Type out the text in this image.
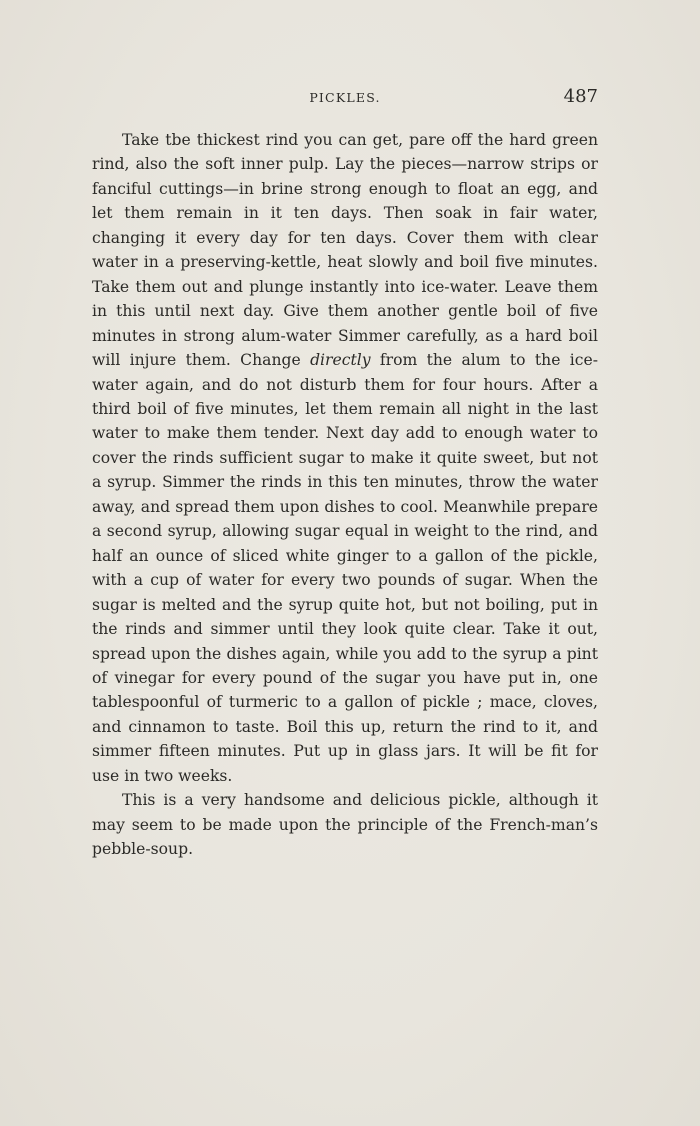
PICKLES.	487

Take tbe thickest rind you can get, pare off the hard green rind, also the soft inner pulp. Lay the pieces—narrow strips or fanciful cuttings—in brine strong enough to float an egg, and let them remain in it ten days. Then soak in fair water, changing it every day for ten days. Cover them with clear water in a preserving-kettle, heat slowly and boil five minutes. Take them out and plunge instantly into ice-water. Leave them in this until next day. Give them another gentle boil of five minutes in strong alum-water Simmer carefully, as a hard boil will injure them. Change directly from the alum to the ice-water again, and do not disturb them for four hours. After a third boil of five minutes, let them remain all night in the last water to make them tender. Next day add to enough water to cover the rinds sufficient sugar to make it quite sweet, but not a syrup. Simmer the rinds in this ten minutes, throw the water away, and spread them upon dishes to cool. Meanwhile prepare a second syrup, allowing sugar equal in weight to the rind, and half an ounce of sliced white ginger to a gallon of the pickle, with a cup of water for every two pounds of sugar. When the sugar is melted and the syrup quite hot, but not boiling, put in the rinds and simmer until they look quite clear. Take it out, spread upon the dishes again, while you add to the syrup a pint of vinegar for every pound of the sugar you have put in, one tablespoonful of turmeric to a gallon of pickle ; mace, cloves, and cinnamon to taste. Boil this up, return the rind to it, and simmer fifteen minutes. Put up in glass jars. It will be fit for use in two weeks.

This is a very handsome and delicious pickle, although it may seem to be made upon the principle of the French-man’s pebble-soup.
